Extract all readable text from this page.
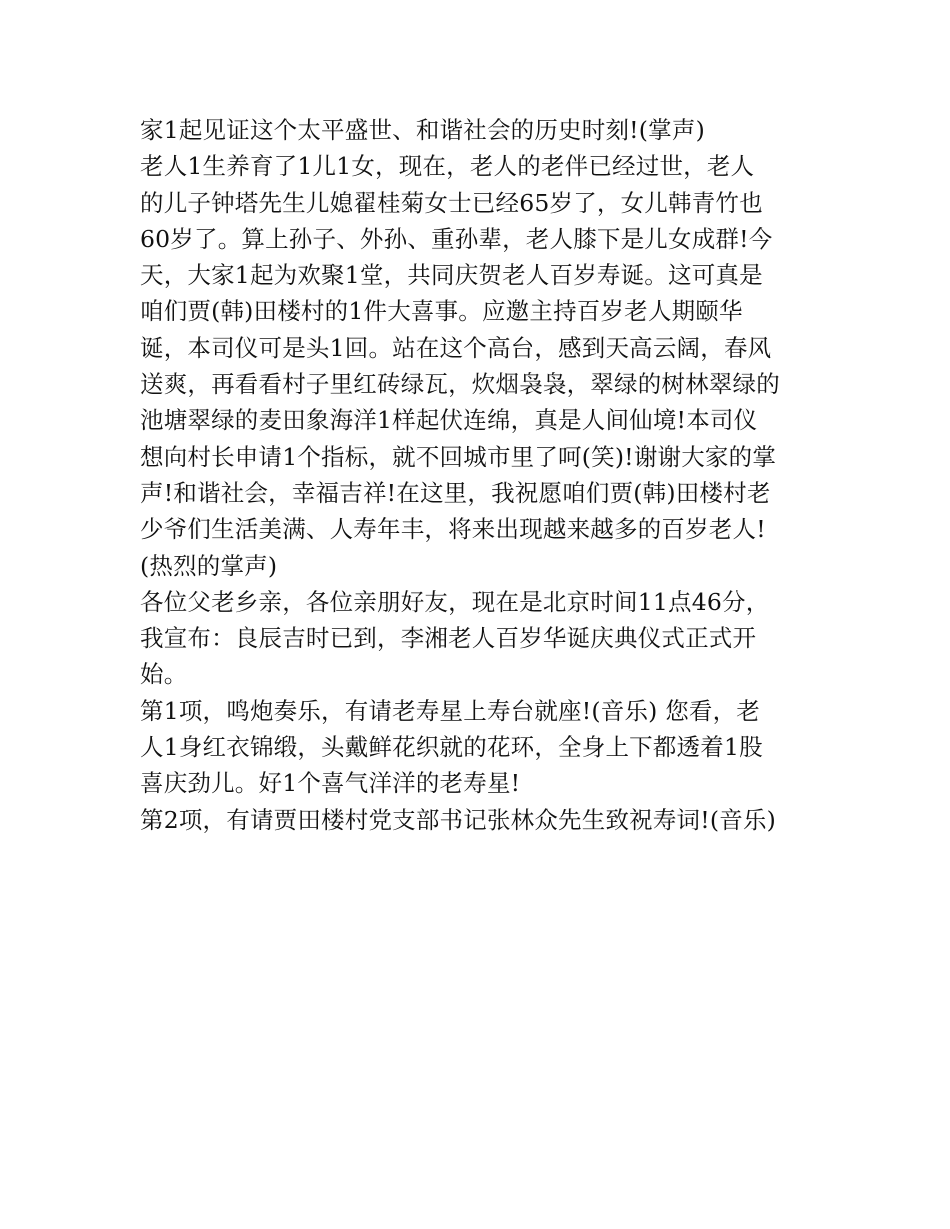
家1起见证这个太平盛世、和谐社会的历史时刻!(掌声)
老人1生养育了1儿1女，现在，老人的老伴已经过世，老人
的儿子钟塔先生儿媳翟桂菊女士已经65岁了，女儿韩青竹也
60岁了。算上孙子、外孙、重孙辈，老人膝下是儿女成群!今
天，大家1起为欢聚1堂，共同庆贺老人百岁寿诞。这可真是
咱们贾(韩)田楼村的1件大喜事。应邀主持百岁老人期颐华
诞，本司仪可是头1回。站在这个高台，感到天高云阔，春风
送爽，再看看村子里红砖绿瓦，炊烟袅袅，翠绿的树林翠绿的
池塘翠绿的麦田象海洋1样起伏连绵，真是人间仙境!本司仪
想向村长申请1个指标，就不回城市里了呵(笑)!谢谢大家的掌
声!和谐社会，幸福吉祥!在这里，我祝愿咱们贾(韩)田楼村老
少爷们生活美满、人寿年丰，将来出现越来越多的百岁老人!
(热烈的掌声)
各位父老乡亲，各位亲朋好友，现在是北京时间11点46分，
我宣布：良辰吉时已到，李湘老人百岁华诞庆典仪式正式开
始。
第1项，鸣炮奏乐，有请老寿星上寿台就座!(音乐) 您看，老
人1身红衣锦缎，头戴鲜花织就的花环，全身上下都透着1股
喜庆劲儿。好1个喜气洋洋的老寿星!
第2项，有请贾田楼村党支部书记张林众先生致祝寿词!(音乐)
